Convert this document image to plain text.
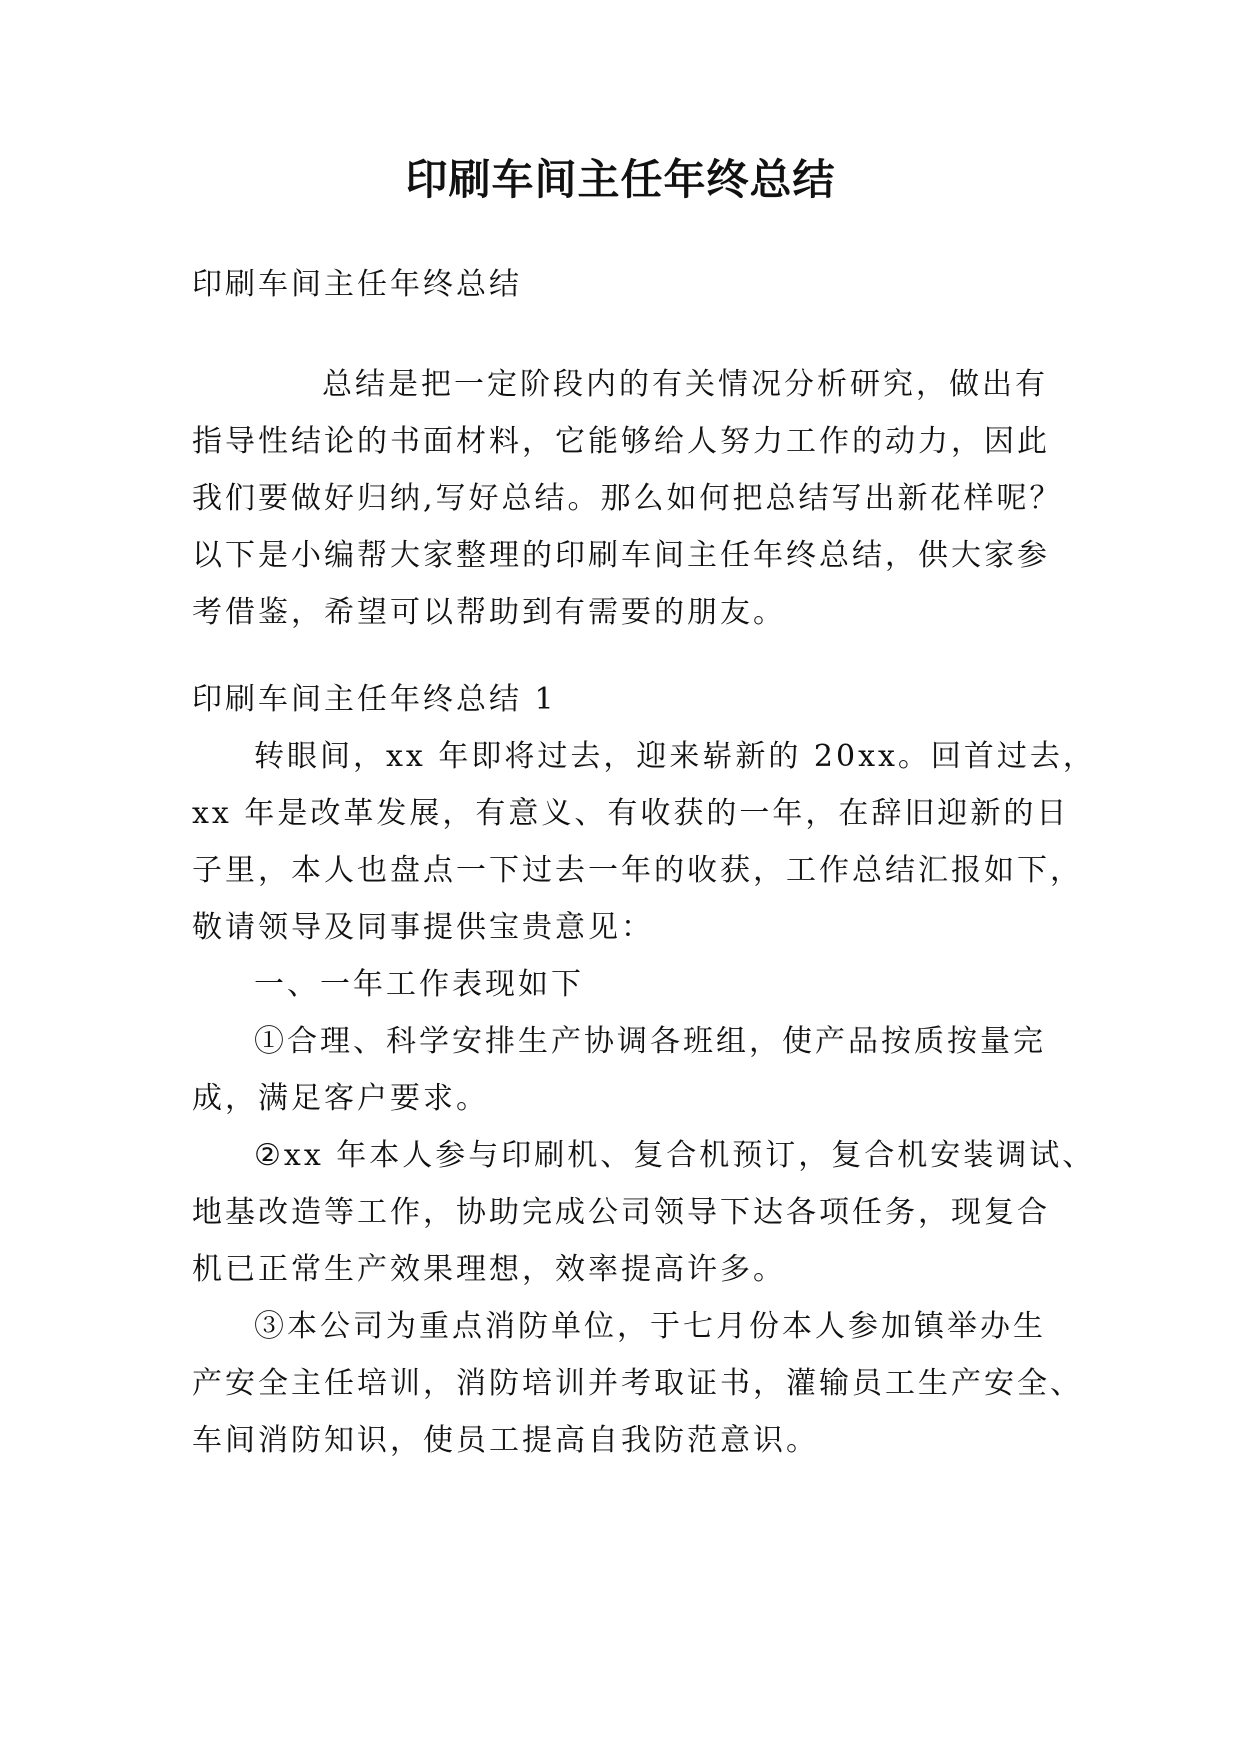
印刷车间主任年终总结
印刷车间主任年终总结
总结是把一定阶段内的有关情况分析研究，做出有
指导性结论的书面材料，它能够给人努力工作的动力，因此
我们要做好归纳,写好总结。那么如何把总结写出新花样呢？
以下是小编帮大家整理的印刷车间主任年终总结，供大家参
考借鉴，希望可以帮助到有需要的朋友。
印刷车间主任年终总结 1
转眼间，xx 年即将过去，迎来崭新的 20xx。回首过去，
xx 年是改革发展，有意义、有收获的一年，在辞旧迎新的日
子里，本人也盘点一下过去一年的收获，工作总结汇报如下，
敬请领导及同事提供宝贵意见：
一、一年工作表现如下
①合理、科学安排生产协调各班组，使产品按质按量完
成，满足客户要求。
②xx 年本人参与印刷机、复合机预订，复合机安装调试、
地基改造等工作，协助完成公司领导下达各项任务，现复合
机已正常生产效果理想，效率提高许多。
③本公司为重点消防单位，于七月份本人参加镇举办生
产安全主任培训，消防培训并考取证书，灌输员工生产安全、
车间消防知识，使员工提高自我防范意识。
